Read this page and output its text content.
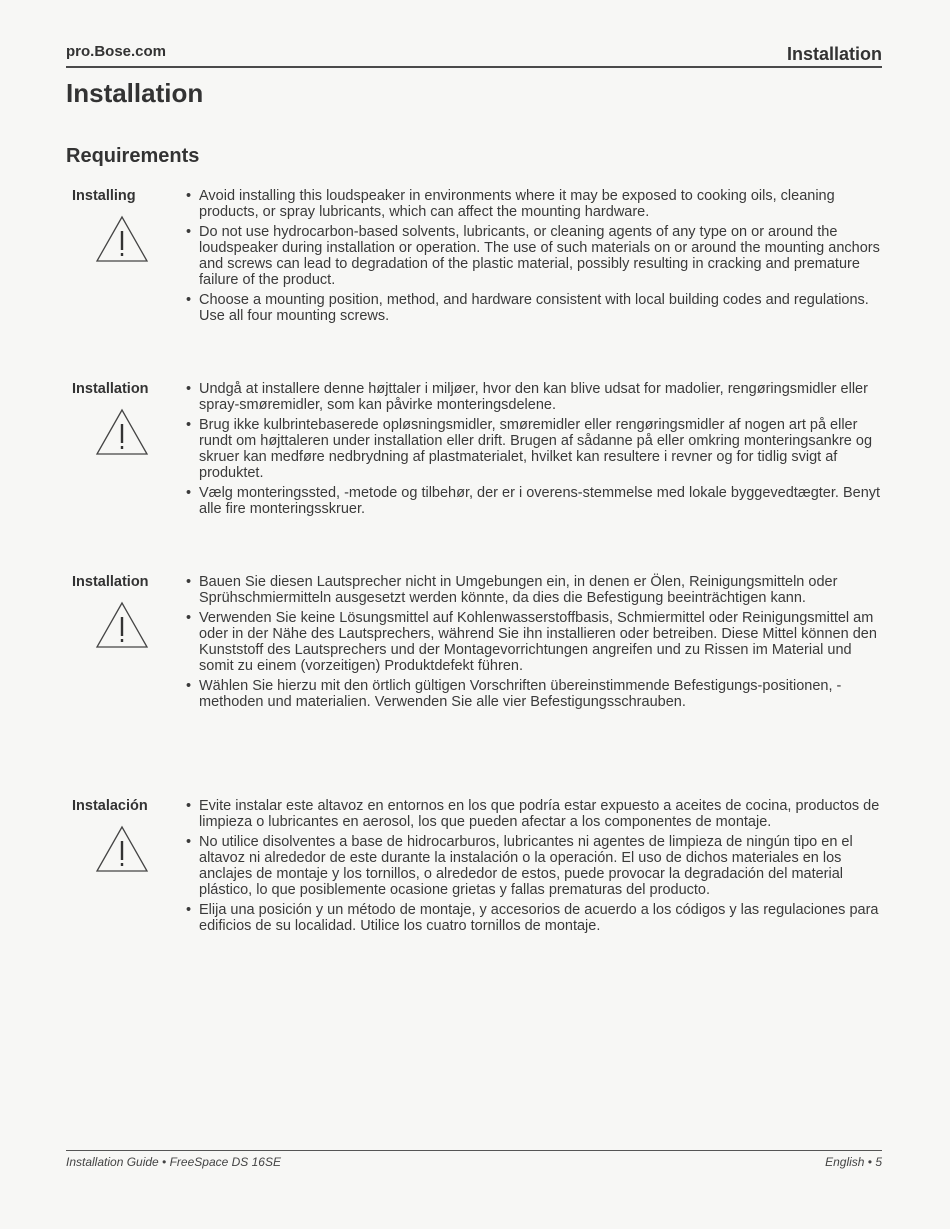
pro.Bose.com	Installation
Installation
Requirements
Installing	• Avoid installing this loudspeaker in environments where it may be exposed to cooking oils, cleaning products, or spray lubricants, which can affect the mounting hardware.
• Do not use hydrocarbon-based solvents, lubricants, or cleaning agents of any type on or around the loudspeaker during installation or operation. The use of such materials on or around the mounting anchors and screws can lead to degradation of the plastic material, possibly resulting in cracking and premature failure of the product.
• Choose a mounting position, method, and hardware consistent with local building codes and regulations. Use all four mounting screws.
Installation	• Undgå at installere denne højttaler i miljøer, hvor den kan blive udsat for madolier, rengøringsmidler eller spray-smøremidler, som kan påvirke monteringsdelene.
• Brug ikke kulbrintebaserede opløsningsmidler, smøremidler eller rengøringsmidler af nogen art på eller rundt om højttaleren under installation eller drift. Brugen af sådanne på eller omkring monteringsankre og skruer kan medføre nedbrydning af plastmaterialet, hvilket kan resultere i revner og for tidlig svigt af produktet.
• Vælg monteringssted, -metode og tilbehør, der er i overens-stemmelse med lokale byggevedtægter. Benyt alle fire monteringsskruer.
Installation	• Bauen Sie diesen Lautsprecher nicht in Umgebungen ein, in denen er Ölen, Reinigungsmitteln oder Sprühschmiermitteln ausgesetzt werden könnte, da dies die Befestigung beeinträchtigen kann.
• Verwenden Sie keine Lösungsmittel auf Kohlenwasserstoffbasis, Schmiermittel oder Reinigungsmittel am oder in der Nähe des Lautsprechers, während Sie ihn installieren oder betreiben. Diese Mittel können den Kunststoff des Lautsprechers und der Montagevorrichtungen angreifen und zu Rissen im Material und somit zu einem (vorzeitigen) Produktdefekt führen.
• Wählen Sie hierzu mit den örtlich gültigen Vorschriften übereinstimmende Befestigungs-positionen, -methoden und materialien. Verwenden Sie alle vier Befestigungsschrauben.
Instalación	• Evite instalar este altavoz en entornos en los que podría estar expuesto a aceites de cocina, productos de limpieza o lubricantes en aerosol, los que pueden afectar a los componentes de montaje.
• No utilice disolventes a base de hidrocarburos, lubricantes ni agentes de limpieza de ningún tipo en el altavoz ni alrededor de este durante la instalación o la operación. El uso de dichos materiales en los anclajes de montaje y los tornillos, o alrededor de estos, puede provocar la degradación del material plástico, lo que posiblemente ocasione grietas y fallas prematuras del producto.
• Elija una posición y un método de montaje, y accesorios de acuerdo a los códigos y las regulaciones para edificios de su localidad. Utilice los cuatro tornillos de montaje.
Installation Guide • FreeSpace DS 16SE	English • 5
